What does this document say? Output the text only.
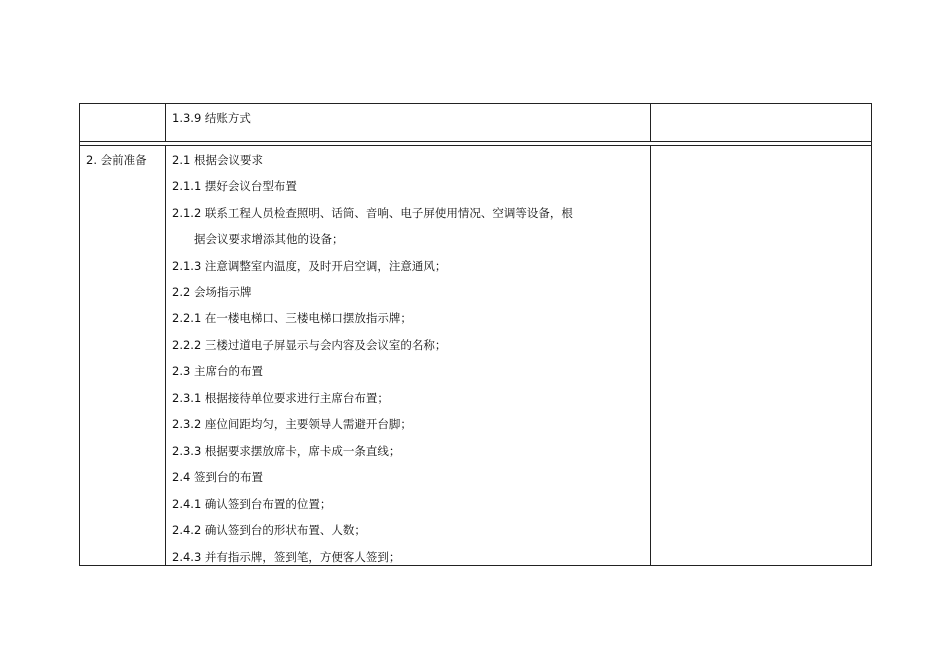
1.3.9 结账方式
2. 会前准备 2.1 根据会议要求
2.1.1 摆好会议台型布置
2.1.2 联系工程人员检查照明、话筒、音响、电子屏使用情况、空调等设备，根
据会议要求增添其他的设备；
2.1.3 注意调整室内温度，及时开启空调，注意通风；
2.2 会场指示牌
2.2.1 在一楼电梯口、三楼电梯口摆放指示牌；
2.2.2 三楼过道电子屏显示与会内容及会议室的名称；
2.3 主席台的布置
2.3.1 根据接待单位要求进行主席台布置；
2.3.2 座位间距均匀，主要领导人需避开台脚；
2.3.3 根据要求摆放席卡，席卡成一条直线；
2.4 签到台的布置
2.4.1 确认签到台布置的位置；
2.4.2 确认签到台的形状布置、人数；
2.4.3 并有指示牌，签到笔，方便客人签到；
